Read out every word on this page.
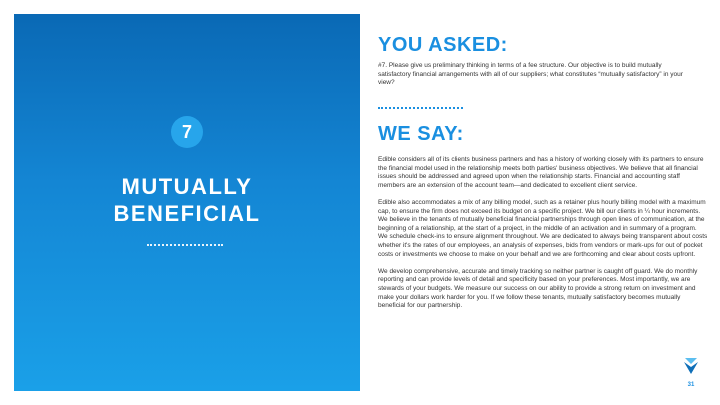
7
MUTUALLY
BENEFICIAL
YOU ASKED:
#7. Please give us preliminary thinking in terms of a fee structure. Our objective is to build mutually satisfactory financial arrangements with all of our suppliers; what constitutes “mutually satisfactory” in your view?
WE SAY:

Edible considers all of its clients business partners and has a history of working closely with its partners to ensure the financial model used in the relationship meets both parties' business objectives. We believe that all financial issues should be addressed and agreed upon when the relationship starts. Financial and accounting staff members are an extension of the account team—and dedicated to excellent client service.

Edible also accommodates a mix of any billing model, such as a retainer plus hourly billing model with a maximum cap, to ensure the firm does not exceed its budget on a specific project. We bill our clients in ¼ hour increments. We believe in the tenants of mutually beneficial financial partnerships through open lines of communication, at the beginning of a relationship, at the start of a project, in the middle of an activation and in summary of a program. We schedule check-ins to ensure alignment throughout. We are dedicated to always being transparent about costs whether it's the rates of our employees, an analysis of expenses, bids from vendors or mark-ups for out of pocket costs or investments we choose to make on your behalf and we are forthcoming and clear about costs upfront.

We develop comprehensive, accurate and timely tracking so neither partner is caught off guard. We do monthly reporting and can provide levels of detail and specificity based on your preferences. Most importantly, we are stewards of your budgets. We measure our success on our ability to provide a strong return on investment and make your dollars work harder for you. If we follow these tenants, mutually satisfactory becomes mutually beneficial for our partnership.

31
